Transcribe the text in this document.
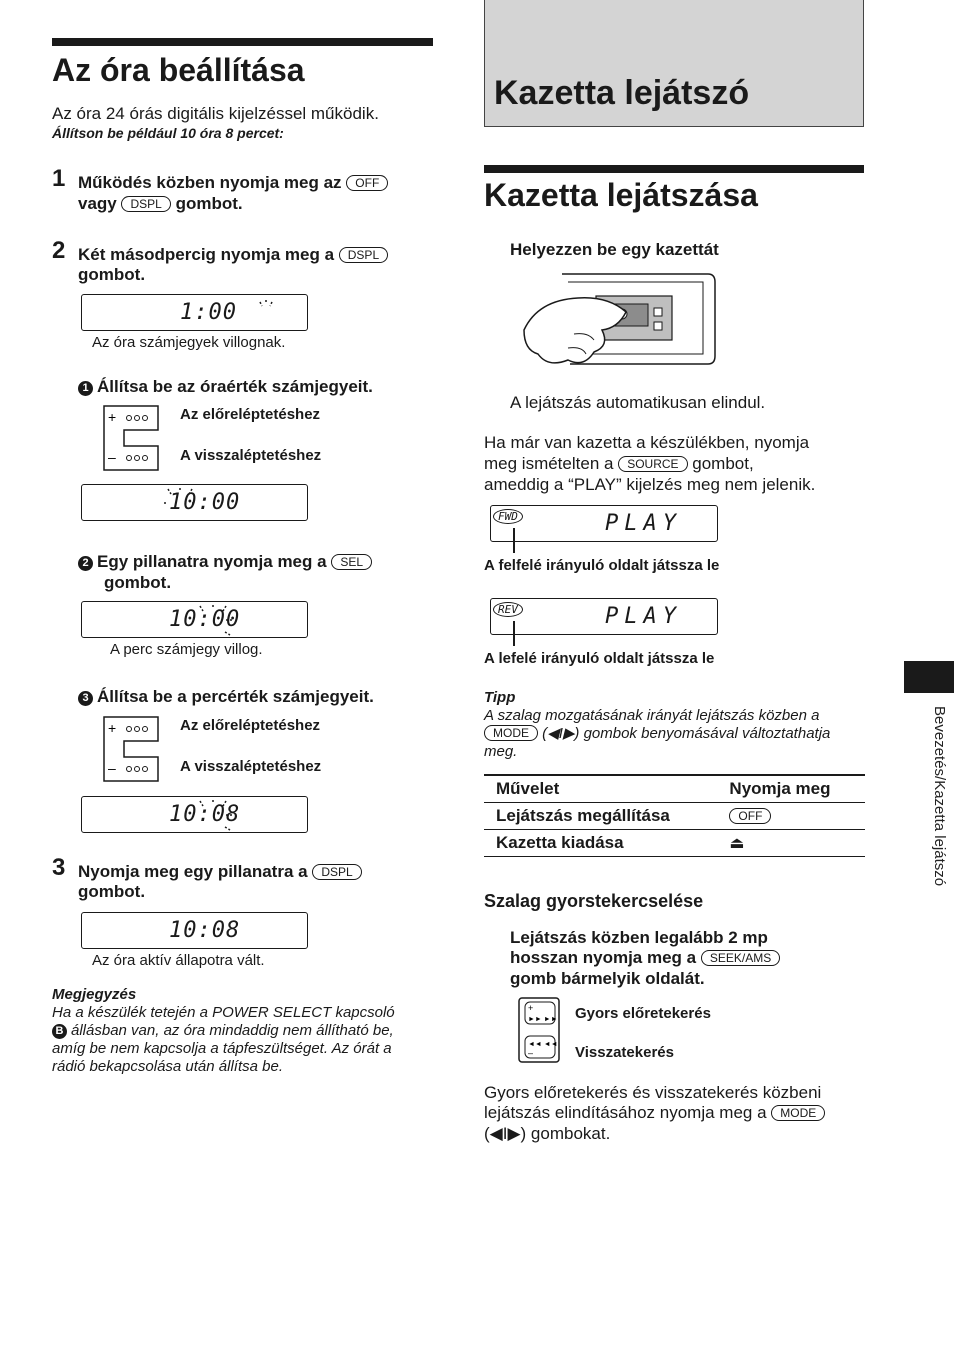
Az óra beállítása
Az óra 24 órás digitális kijelzéssel működik.
Állítson be például 10 óra 8 percet:
1 Működés közben nyomja meg az OFF
vagy DSPL gombot.
2 Két másodpercig nyomja meg a DSPL
gombot.
1:00
Az óra számjegyek villognak.
1 Állítsa be az óraérték számjegyeit.
+
–
Az előreléptetéshez
A visszaléptetéshez
10:00
2 Egy pillanatra nyomja meg a SEL
gombot.
10:00
A perc számjegy villog.
3 Állítsa be a percérték számjegyeit.
+
–
Az előreléptetéshez
A visszaléptetéshez
10:08
3 Nyomja meg egy pillanatra a DSPL
gombot.
10:08
Az óra aktív állapotra vált.
Megjegyzés
Ha a készülék tetején a POWER SELECT kapcsoló
B állásban van, az óra mindaddig nem állítható be,
amíg be nem kapcsolja a tápfeszültséget. Az órát a
rádió bekapcsolása után állítsa be.
Kazetta lejátszó
Kazetta lejátszása
Helyezzen be egy kazettát
A lejátszás automatikusan elindul.
Ha már van kazetta a készülékben, nyomja
meg ismételten a SOURCE gombot,
ameddig a “PLAY” kijelzés meg nem jelenik.
FWD	PLAY
A felfelé irányuló oldalt játssza le
REV	PLAY
A lefelé irányuló oldalt játssza le
Tipp
A szalag mozgatásának irányát lejátszás közben a
MODE (◀I▶) gombok benyomásával változtathatja
meg.
Művelet	Nyomja meg
Lejátszás megállítása	OFF
Kazetta kiadása	⏏
Szalag gyorstekercselése
Lejátszás közben legalább 2 mp
hosszan nyomja meg a SEEK/AMS
gomb bármelyik oldalát.
+
►► ►►
◄◄ ◄◄
–
Gyors előretekerés
Visszatekerés
Gyors előretekerés és visszatekerés közbeni
lejátszás elindításához nyomja meg a MODE
(◀I▶) gombokat.
Bevezetés/Kazetta lejátszó
